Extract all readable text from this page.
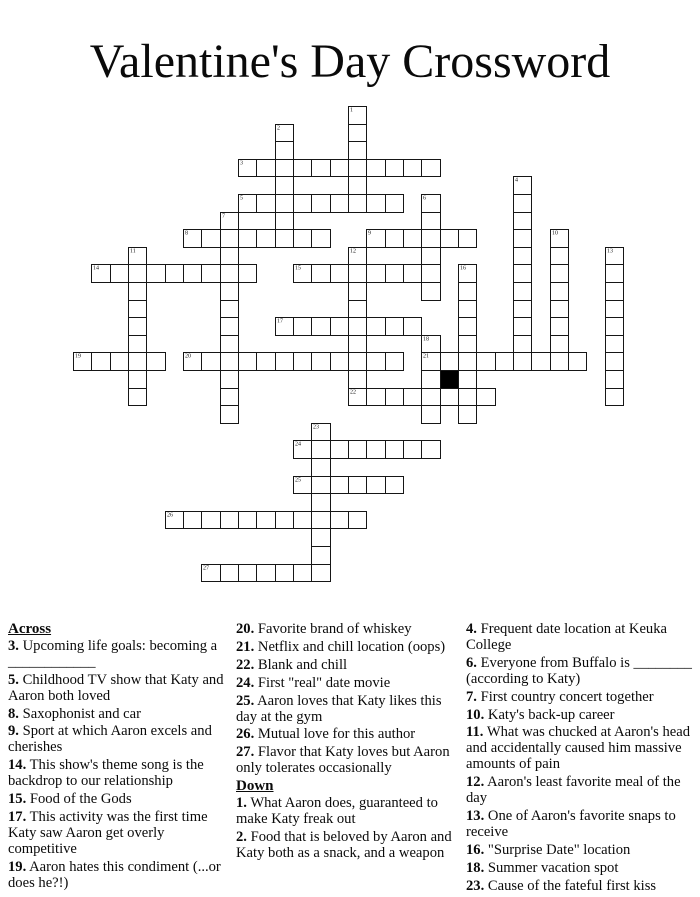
Valentine's Day Crossword
1
2
3
4
5	6
7
8	9	10
11	12
22
13
14	15	16
17
18
21
19	20
23
24
25
26
27
Across

3. Upcoming life goals: becoming a ____________

5. Childhood TV show that Katy and Aaron both loved

8. Saxophonist and car

9. Sport at which Aaron excels and cherishes

14. This show's theme song is the backdrop to our relationship

15. Food of the Gods

17. This activity was the first time Katy saw Aaron get overly competitive

19. Aaron hates this condiment (...or does he?!)

20. Favorite brand of whiskey

21. Netflix and chill location (oops)

22. Blank and chill

24. First "real" date movie

25. Aaron loves that Katy likes this day at the gym

26. Mutual love for this author

27. Flavor that Katy loves but Aaron only tolerates occasionally

Down

1. What Aaron does, guaranteed to make Katy freak out

2. Food that is beloved by Aaron and Katy both as a snack, and a weapon

4. Frequent date location at Keuka College

6. Everyone from Buffalo is ________ (according to Katy)

7. First country concert together

10. Katy's back-up career

11. What was chucked at Aaron's head and accidentally caused him massive amounts of pain

12. Aaron's least favorite meal of the day

13. One of Aaron's favorite snaps to receive

16. "Surprise Date" location

18. Summer vacation spot

23. Cause of the fateful first kiss
